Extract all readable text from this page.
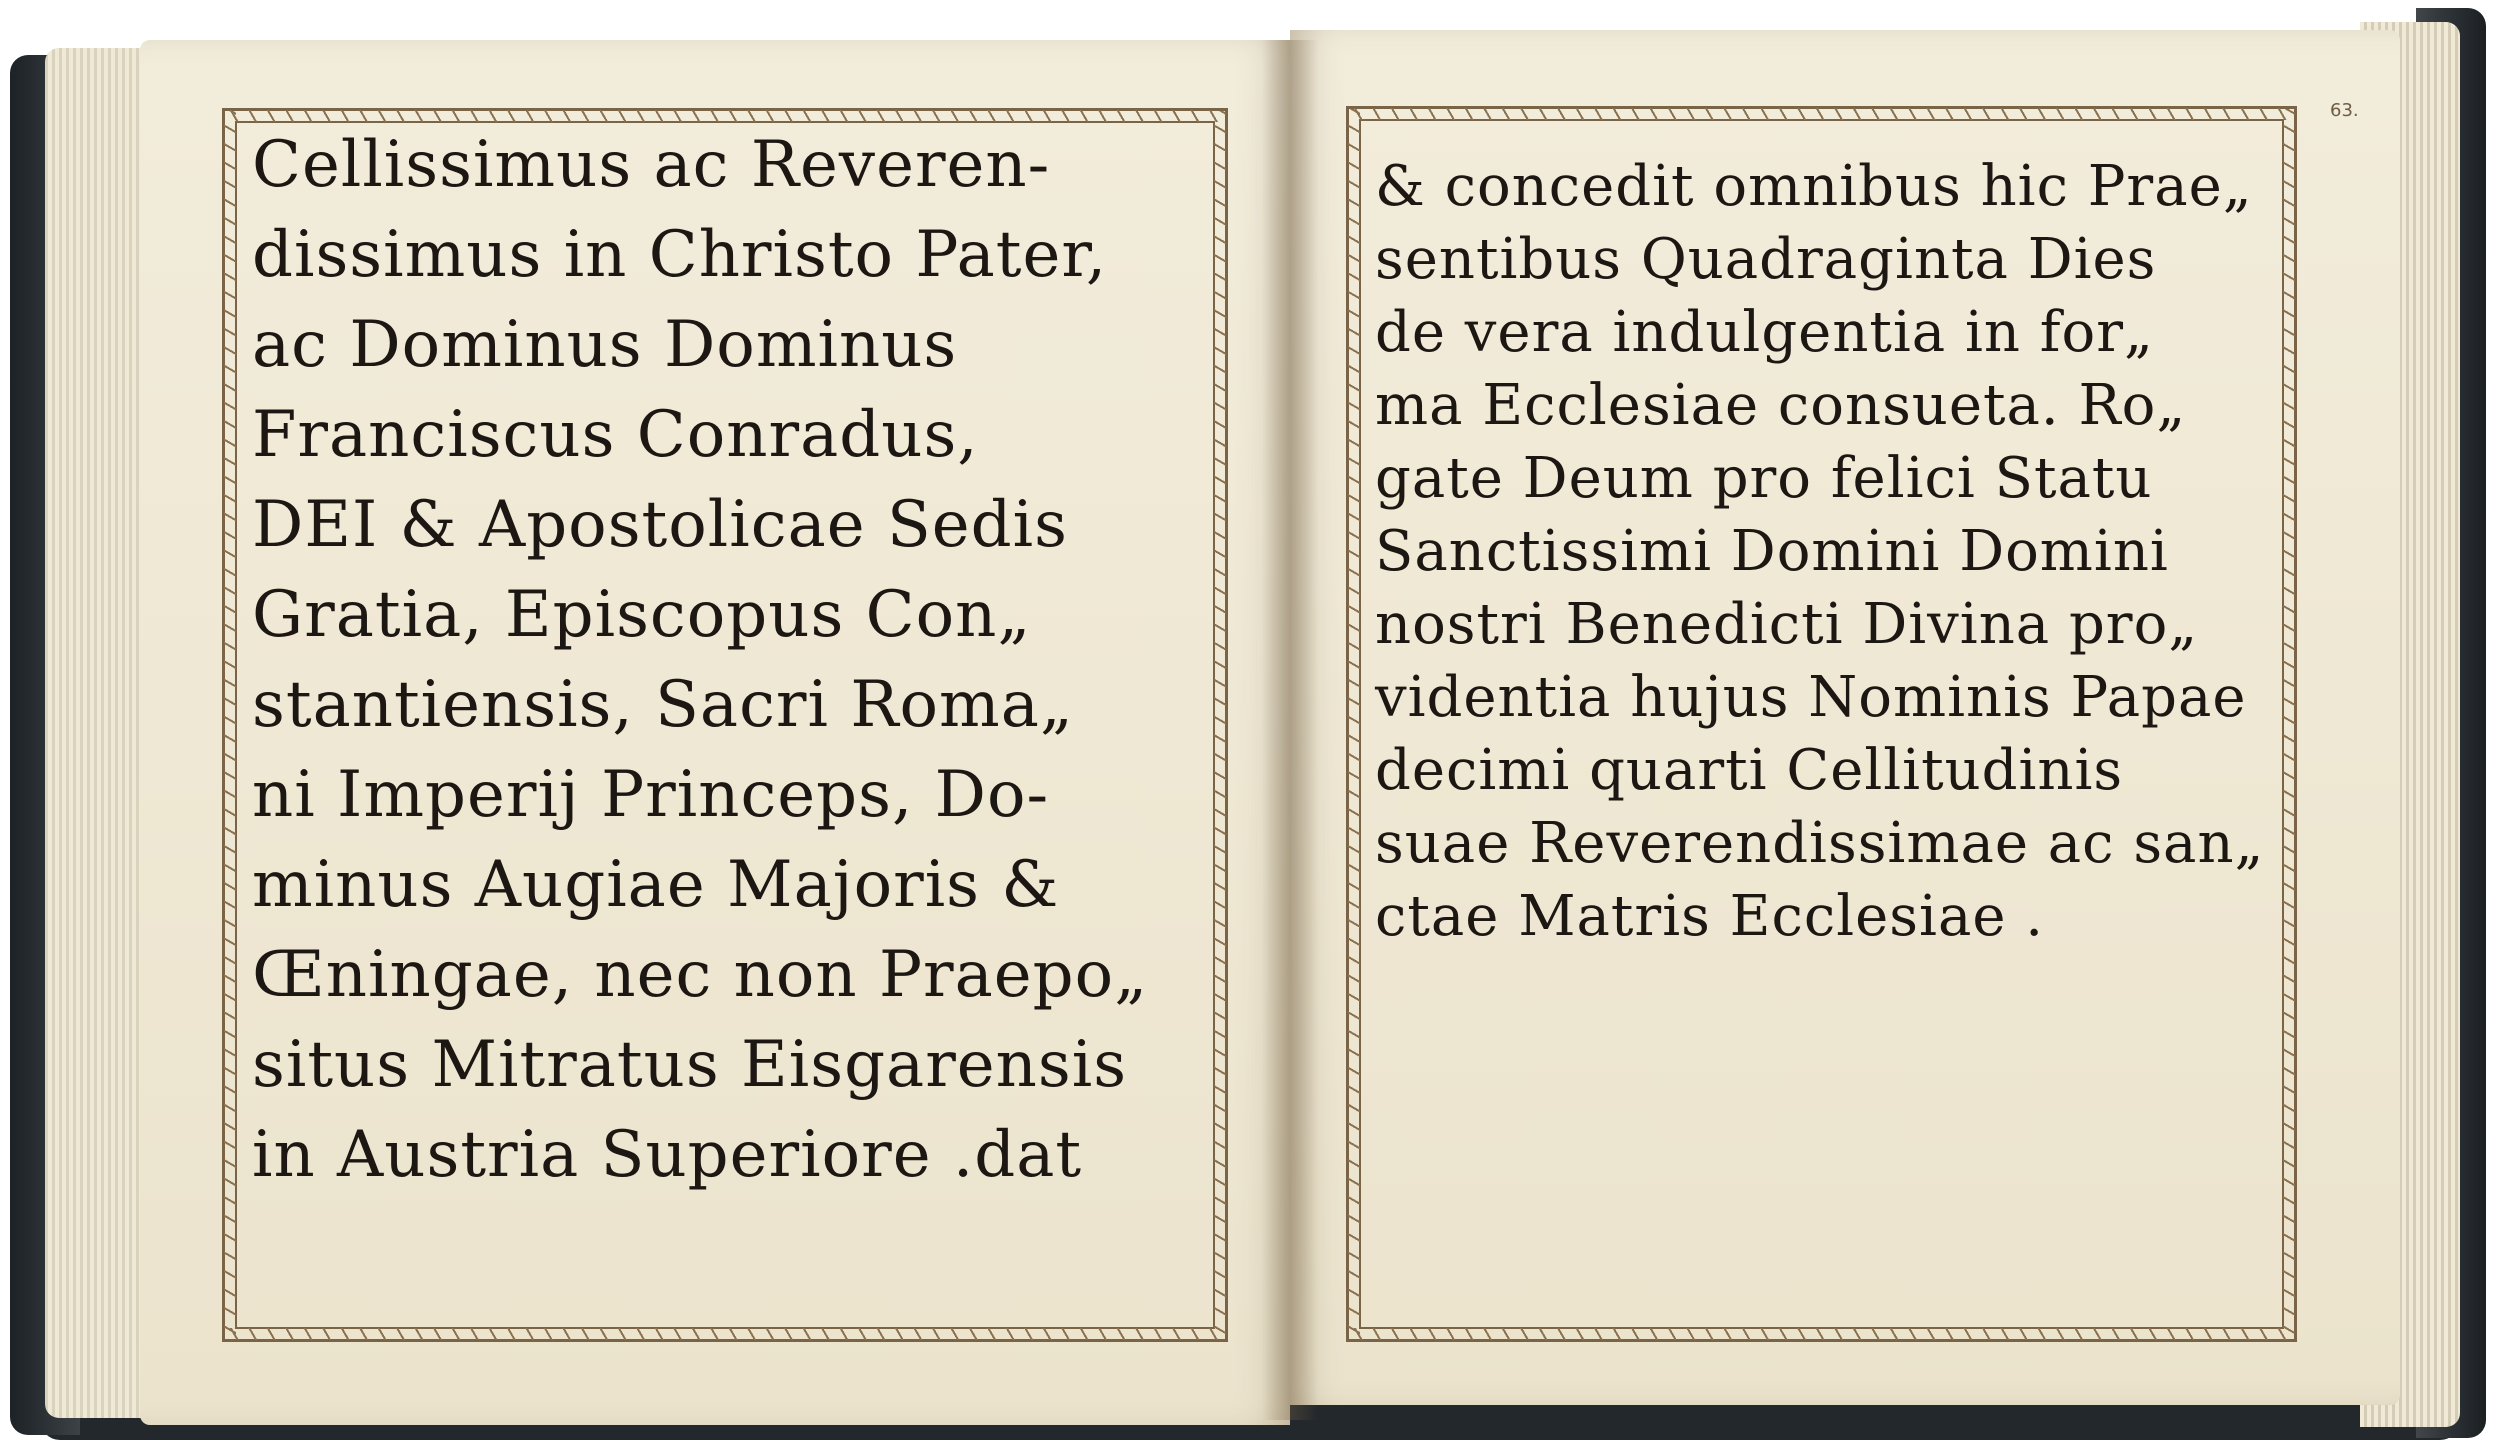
63.
Cellissimus ac Reveren-
dissimus in Christo Pater,
ac Dominus Dominus
Franciscus Conradus,
DEI & Apostolicae Sedis
Gratia, Episcopus Con„
stantiensis, Sacri Roma„
ni Imperij Princeps, Do-
minus Augiae Majoris &
Œningae, nec non Praepo„
situs Mitratus Eisgarensis
in Austria Superiore .dat
& concedit omnibus hic Prae„
sentibus Quadraginta Dies
de vera indulgentia in for„
ma Ecclesiae consueta. Ro„
gate Deum pro felici Statu
Sanctissimi Domini Domini
nostri Benedicti Divina pro„
videntia hujus Nominis Papae
decimi quarti Cellitudinis
suae Reverendissimae ac san„
ctae Matris Ecclesiae .
